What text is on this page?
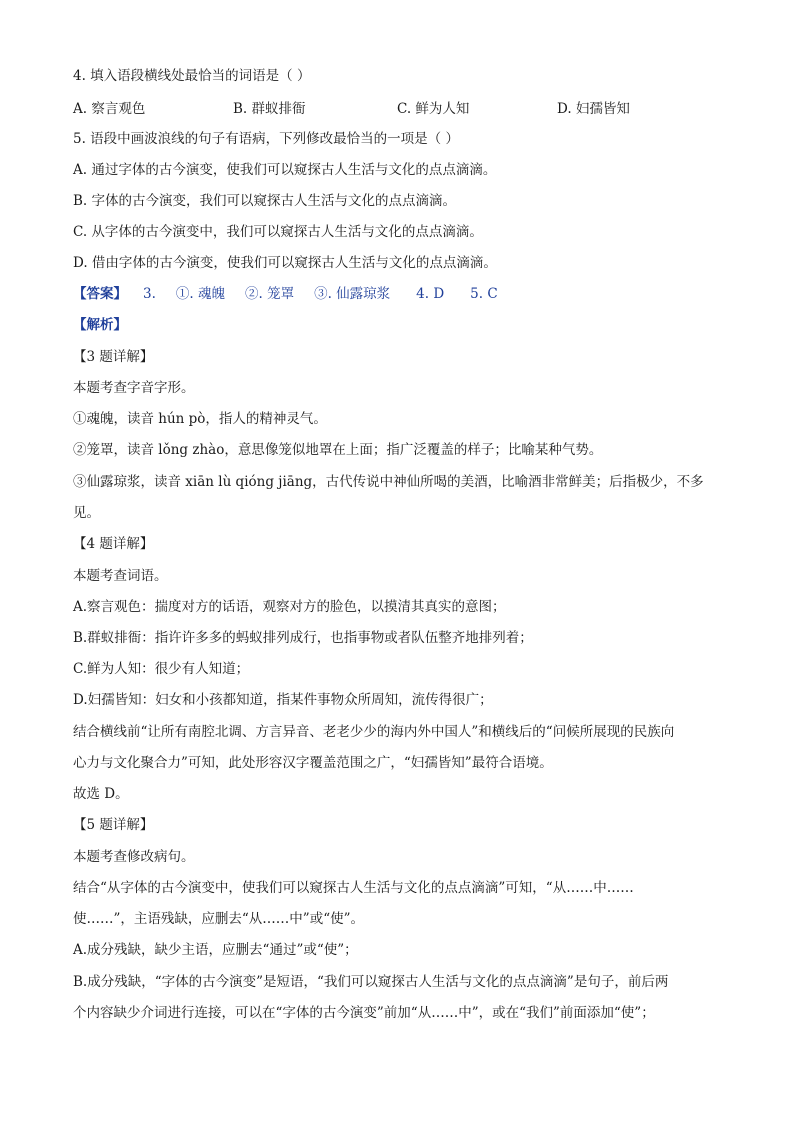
4. 填入语段横线处最恰当的词语是（ ）
A. 察言观色	B. 群蚁排衙	C. 鲜为人知	D. 妇孺皆知
5. 语段中画波浪线的句子有语病，下列修改最恰当的一项是（ ）
A. 通过字体的古今演变，使我们可以窥探古人生活与文化的点点滴滴。
B. 字体的古今演变，我们可以窥探古人生活与文化的点点滴滴。
C. 从字体的古今演变中，我们可以窥探古人生活与文化的点点滴滴。
D. 借由字体的古今演变，使我们可以窥探古人生活与文化的点点滴滴。
【答案】 3. ①. 魂魄 ②. 笼罩 ③. 仙露琼浆 4. D 5. C
【解析】
【3 题详解】
本题考查字音字形。
①魂魄，读音 hún pò，指人的精神灵气。
②笼罩，读音 lǒng zhào，意思像笼似地罩在上面；指广泛覆盖的样子；比喻某种气势。
③仙露琼浆，读音 xiān lù qióng jiāng，古代传说中神仙所喝的美酒，比喻酒非常鲜美；后指极少，不多
见。
【4 题详解】
本题考查词语。
A.察言观色：揣度对方的话语，观察对方的脸色，以摸清其真实的意图；
B.群蚁排衙：指许许多多的蚂蚁排列成行，也指事物或者队伍整齐地排列着；
C.鲜为人知：很少有人知道；
D.妇孺皆知：妇女和小孩都知道，指某件事物众所周知，流传得很广；
结合横线前“让所有南腔北调、方言异音、老老少少的海内外中国人”和横线后的“问候所展现的民族向
心力与文化聚合力”可知，此处形容汉字覆盖范围之广，“妇孺皆知”最符合语境。
故选 D。
【5 题详解】
本题考查修改病句。
结合“从字体的古今演变中，使我们可以窥探古人生活与文化的点点滴滴”可知，“从……中……
使……”，主语残缺，应删去“从……中”或“使”。
A.成分残缺，缺少主语，应删去“通过”或“使”；
B.成分残缺，“字体的古今演变”是短语，“我们可以窥探古人生活与文化的点点滴滴”是句子，前后两
个内容缺少介词进行连接，可以在“字体的古今演变”前加“从……中”，或在“我们”前面添加“使”；
